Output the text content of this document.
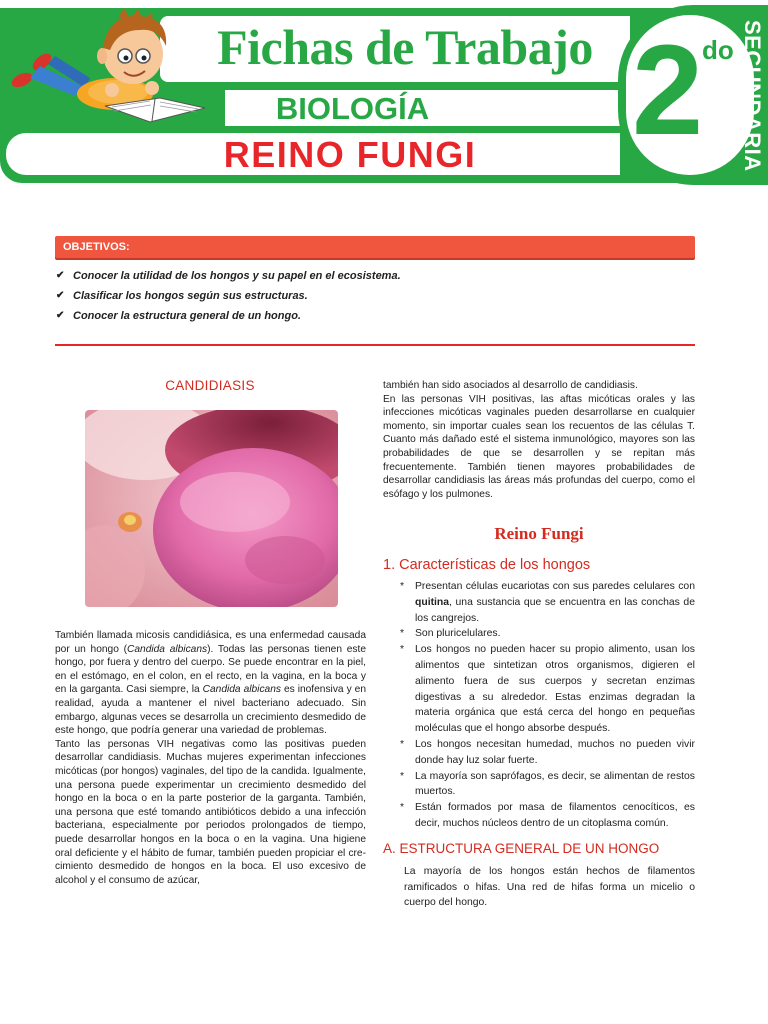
Fichas de Trabajo
BIOLOGÍA
REINO FUNGI 2
do SECUNDARIA
OBJETIVOS:
✔ Conocer la utilidad de los hongos y su papel en el ecosistema.
✔ Clasificar los hongos según sus estructuras.
✔ Conocer la estructura general de un hongo.
CANDIDIASIS

También llamada micosis candidiásica, es una enfermedad causada por un hongo (Candida albicans). Todas las personas tienen este hongo, por fuera y dentro del cuerpo. Se puede encontrar en la piel, en el estómago, en el colon, en el recto, en la vagina, en la boca y en la garganta. Casi siempre, la Candida albicans es inofensiva y en realidad, ayuda a mantener el nivel bacteriano adecuado. Sin embargo, algunas veces se desarrolla un crecimiento desmedido de este hongo, que podría generar una variedad de problemas.

Tanto las personas VIH negativas como las positivas pueden desarrollar candidiasis. Muchas mujeres experimentan infecciones micóticas (por hongos) vaginales, del tipo de la candida. Igualmente, una persona puede experimentar un crecimiento desmedido del hongo en la boca o en la parte posterior de la garganta. También, una persona que esté tomando antibióticos debido a una infección bacteriana, especialmente por periodos prolongados de tiempo, puede desarrollar hongos en la boca o en la vagina. Una higiene oral deficiente y el hábito de fumar, también pueden propiciar el cre-cimiento desmedido de hongos en la boca. El uso excesivo de alcohol y el consumo de azúcar,

también han sido asociados al desarrollo de candidiasis.

En las personas VIH positivas, las aftas micóticas orales y las infecciones micóticas vaginales pueden desarrollarse en cualquier momento, sin importar cuales sean los recuentos de las células T. Cuanto más dañado esté el sistema inmunológico, mayores son las probabilidades de que se desarrollen y se repitan más frecuentemente. También tienen mayores probabilidades de desarrollar candidiasis las áreas más profundas del cuerpo, como el esófago y los pulmones.

Reino Fungi
1. Características de los hongos
* Presentan células eucariotas con sus paredes celulares con quitina, una sustancia que se encuentra en las conchas de los cangrejos.
* Son pluricelulares.
* Los hongos no pueden hacer su propio alimento, usan los alimentos que sintetizan otros organismos, digieren el alimento fuera de sus cuerpos y secretan enzimas digestivas a su alrededor. Estas enzimas degradan la materia orgánica que está cerca del hongo en pequeñas moléculas que el hongo absorbe después.
* Los hongos necesitan humedad, muchos no pueden vivir donde hay luz solar fuerte.
* La mayoría son saprófagos, es decir, se alimentan de restos muertos.
* Están formados por masa de filamentos cenocíticos, es decir, muchos núcleos dentro de un citoplasma común.
A. ESTRUCTURA GENERAL DE UN HONGO
La mayoría de los hongos están hechos de filamentos ramificados o hifas. Una red de hifas forma un micelio o cuerpo del hongo.
